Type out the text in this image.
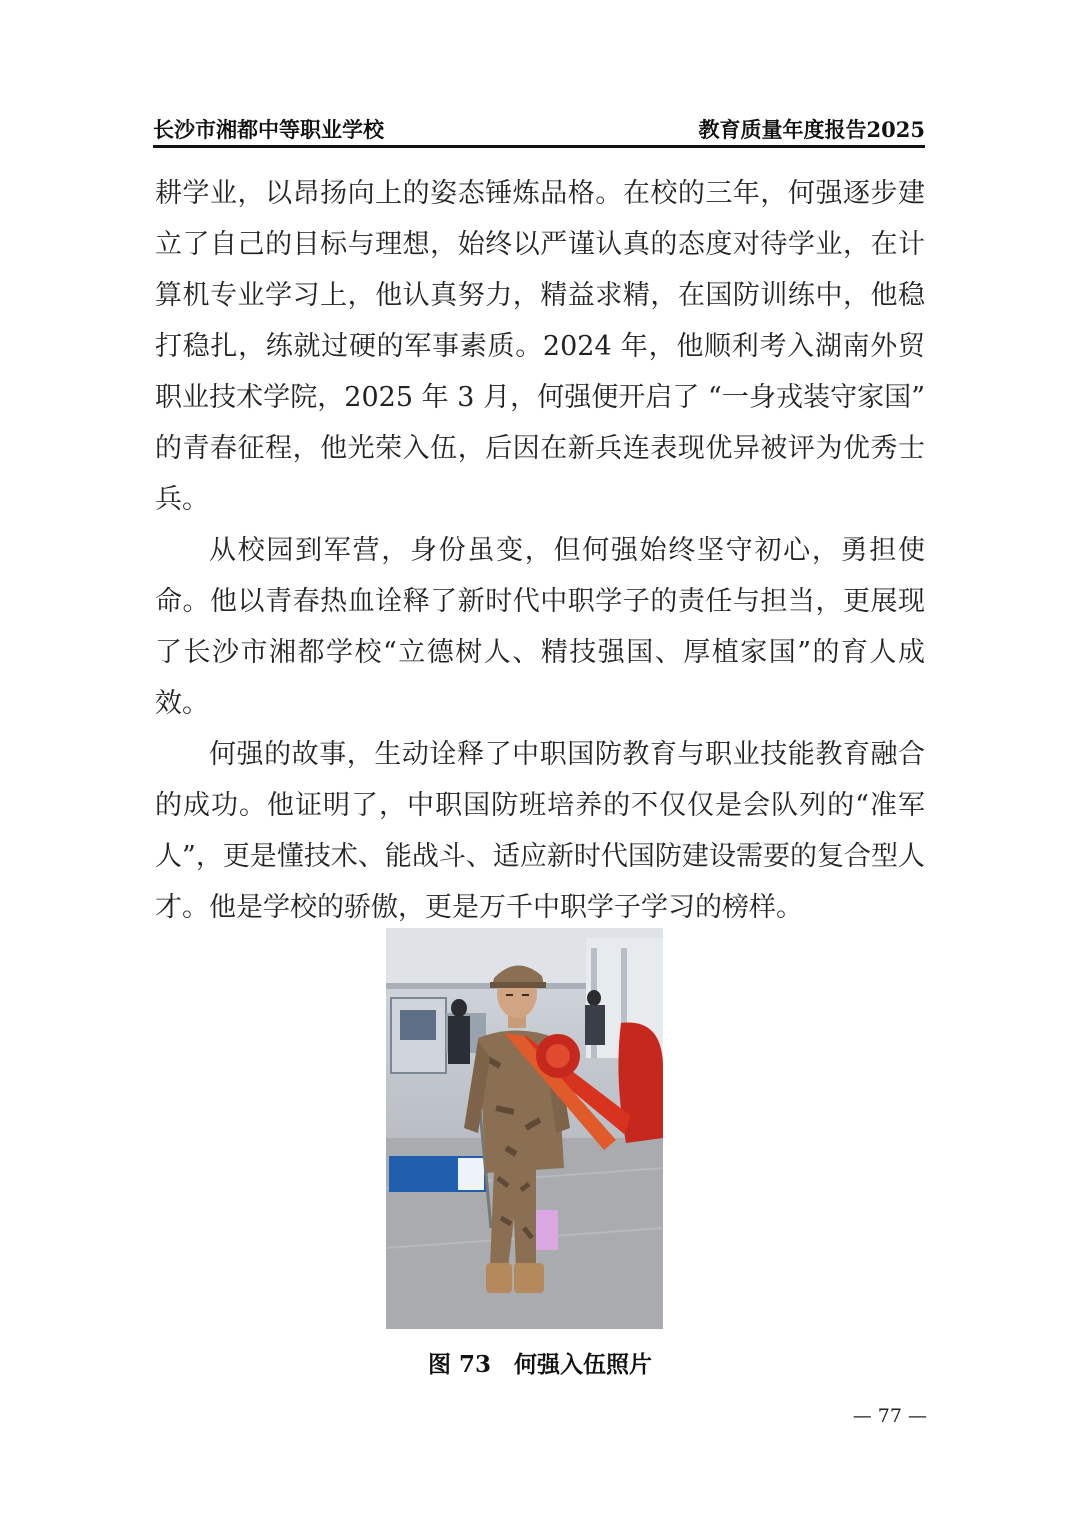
长沙市湘都中等职业学校	教育质量年度报告2025

耕学业，以昂扬向上的姿态锤炼品格。在校的三年，何强逐步建立了自己的目标与理想，始终以严谨认真的态度对待学业，在计算机专业学习上，他认真努力，精益求精，在国防训练中，他稳打稳扎，练就过硬的军事素质。2024 年，他顺利考入湖南外贸职业技术学院，2025 年 3 月，何强便开启了 “一身戎装守家国” 的青春征程，他光荣入伍，后因在新兵连表现优异被评为优秀士兵。

从校园到军营，身份虽变，但何强始终坚守初心，勇担使命。他以青春热血诠释了新时代中职学子的责任与担当，更展现了长沙市湘都学校“立德树人、精技强国、厚植家国”的育人成效。

何强的故事，生动诠释了中职国防教育与职业技能教育融合的成功。他证明了，中职国防班培养的不仅仅是会队列的“准军人”，更是懂技术、能战斗、适应新时代国防建设需要的复合型人才。他是学校的骄傲，更是万千中职学子学习的榜样。

图 73　何强入伍照片
— 77 —
